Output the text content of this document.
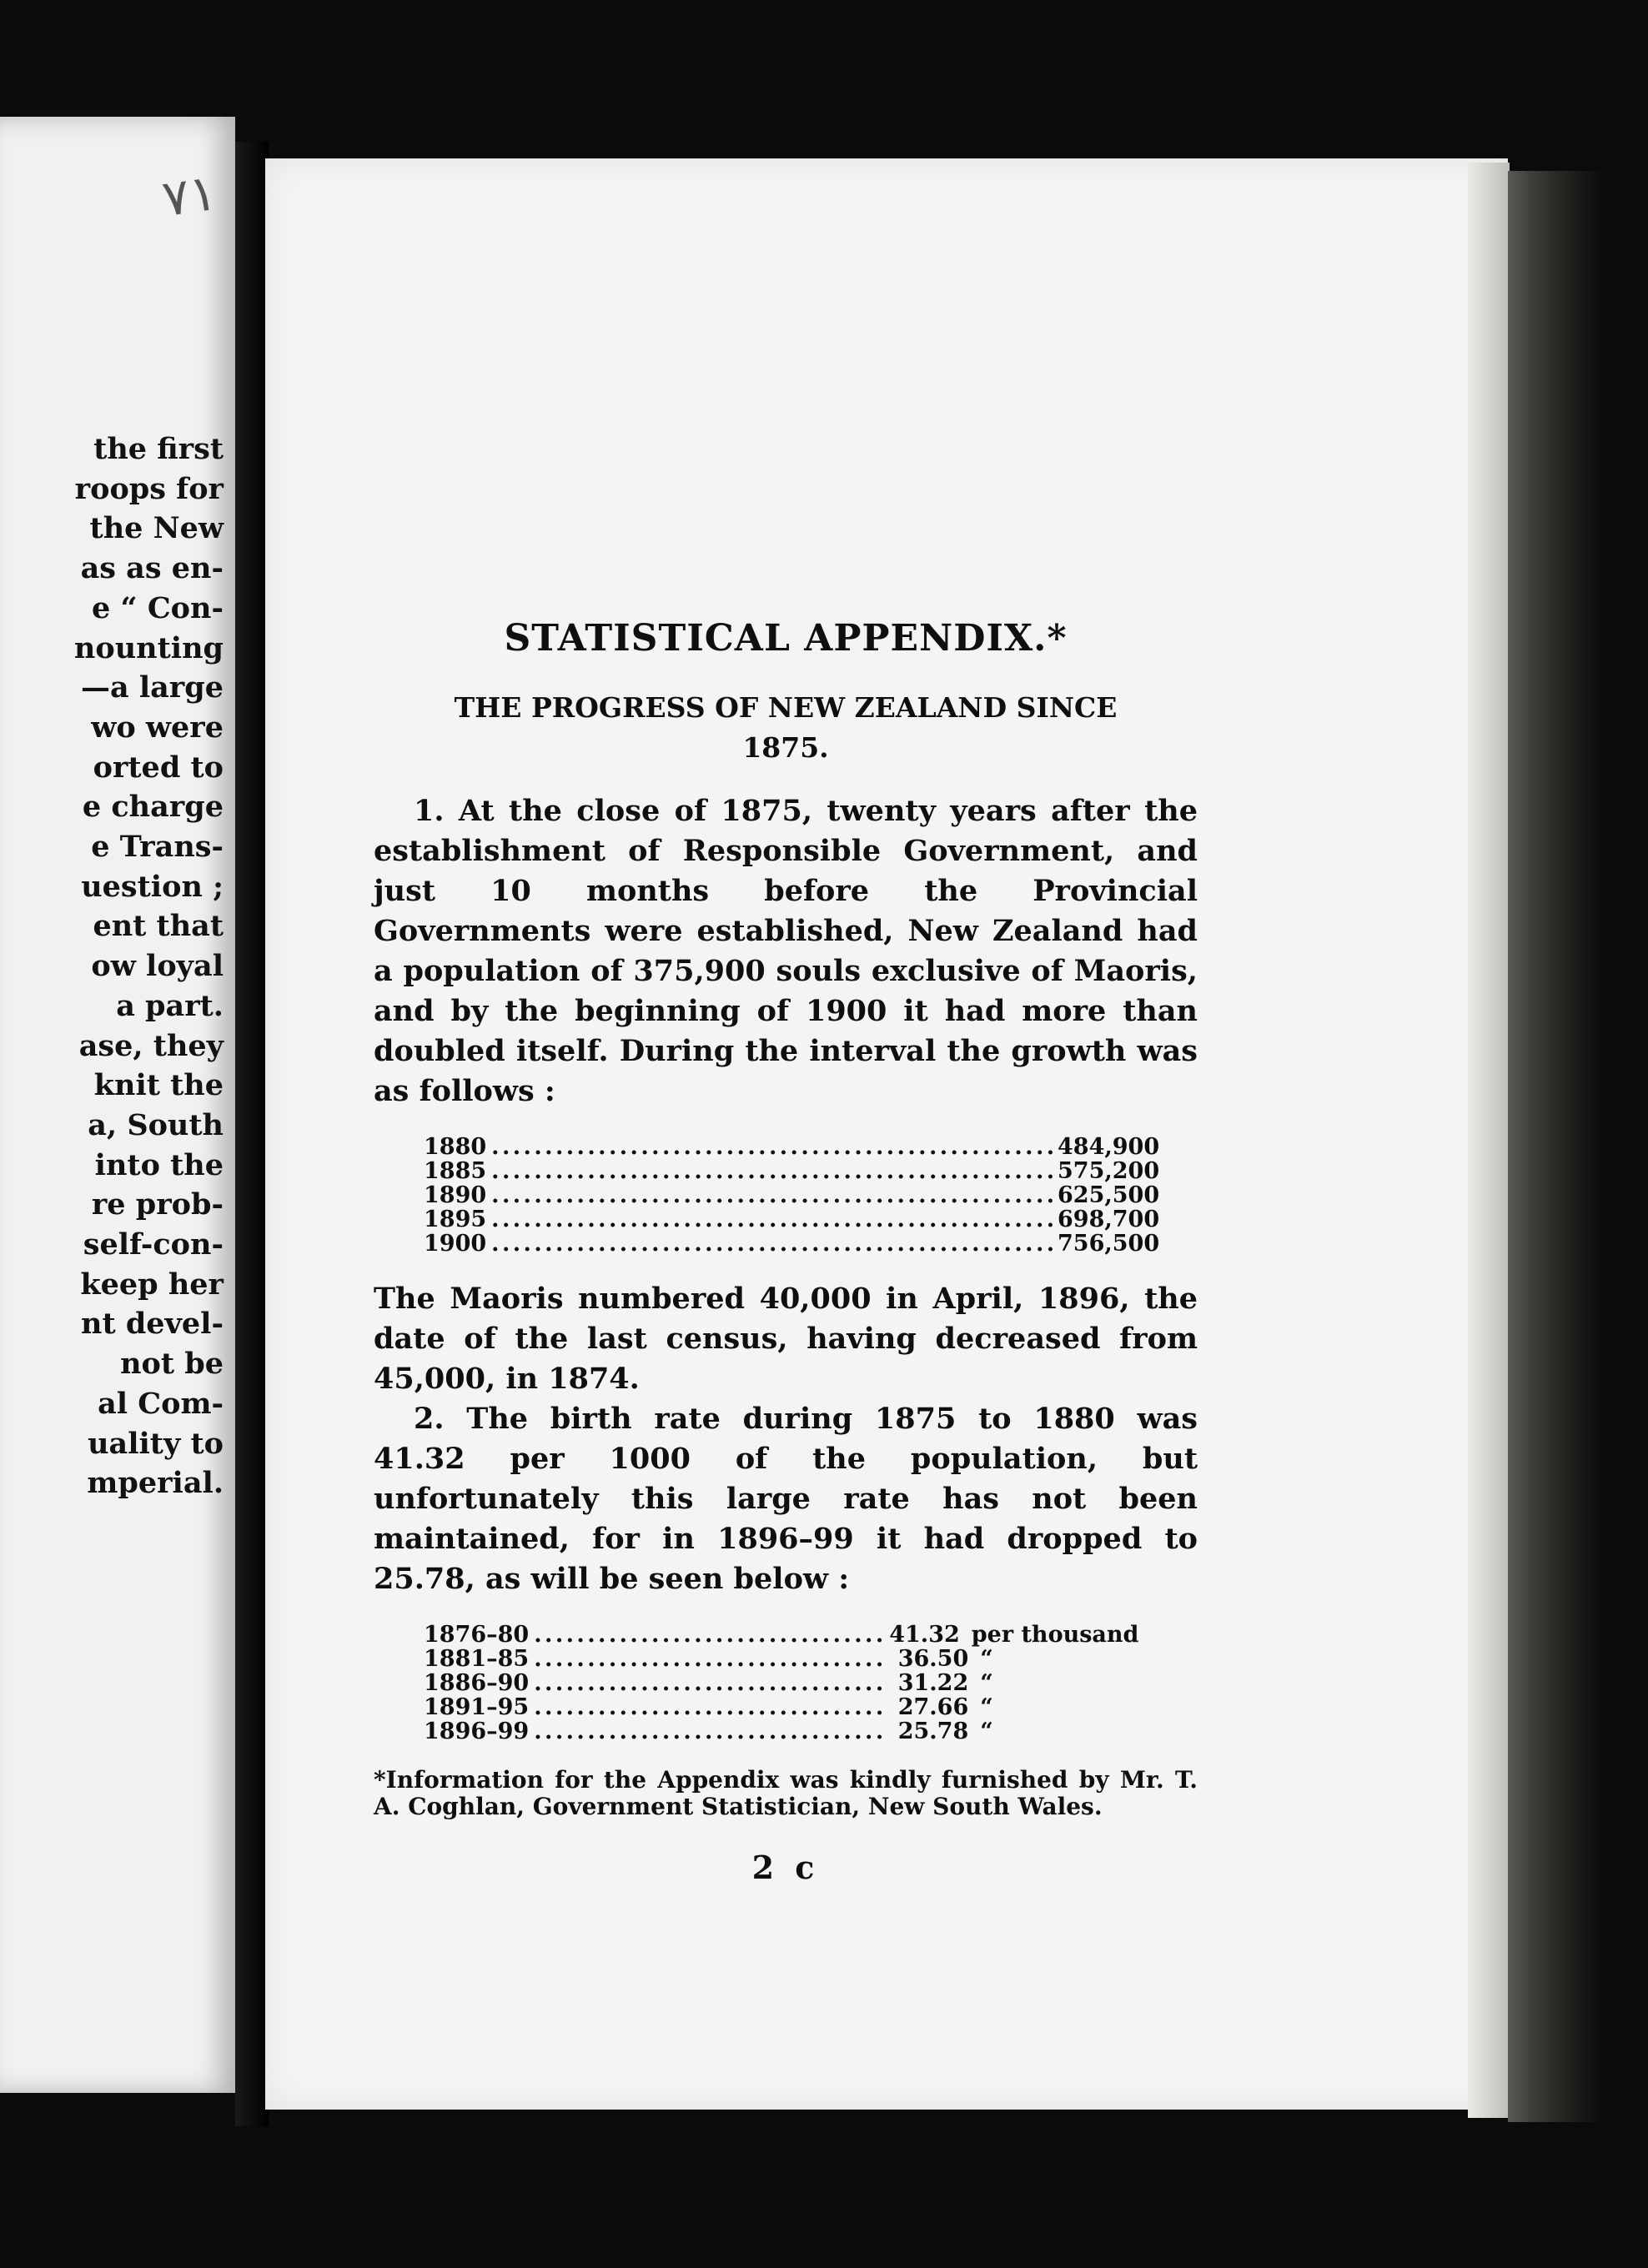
۷۱
the first
roops for
the New
as as en-
e “ Con-
nounting
—a large
wo were
orted to
e charge
e Trans-
uestion ;
ent that
ow loyal
a part.
ase, they
knit the
a, South
into the
re prob-
self-con-
keep her
nt devel-
not be
al Com-
uality to
mperial.
STATISTICAL APPENDIX.*
THE PROGRESS OF NEW ZEALAND SINCE
1875.

1. At the close of 1875, twenty years after the establishment of Responsible Government, and just 10 months before the Provincial Governments were established, New Zealand had a population of 375,900 souls exclusive of Maoris, and by the beginning of 1900 it had more than doubled itself. During the interval the growth was as follows :

1880 . . .	484,900
1885 . . .	575,200
1890 . . .	625,500
1895 . . .	698,700
1900 . . .	756,500

The Maoris numbered 40,000 in April, 1896, the date of the last census, having decreased from 45,000, in 1874.

2. The birth rate during 1875 to 1880 was 41.32 per 1000 of the population, but unfortunately this large rate has not been maintained, for in 1896–99 it had dropped to 25.78, as will be seen below :

1876–80 . . .	41.32 per thousand
1881–85 . . .	36.50 “
1886–90 . . .	31.22 “
1891–95 . . .	27.66 “
1896–99 . . .	25.78 “

*Information for the Appendix was kindly furnished by Mr. T. A. Coghlan, Government Statistician, New South Wales.

2 c
